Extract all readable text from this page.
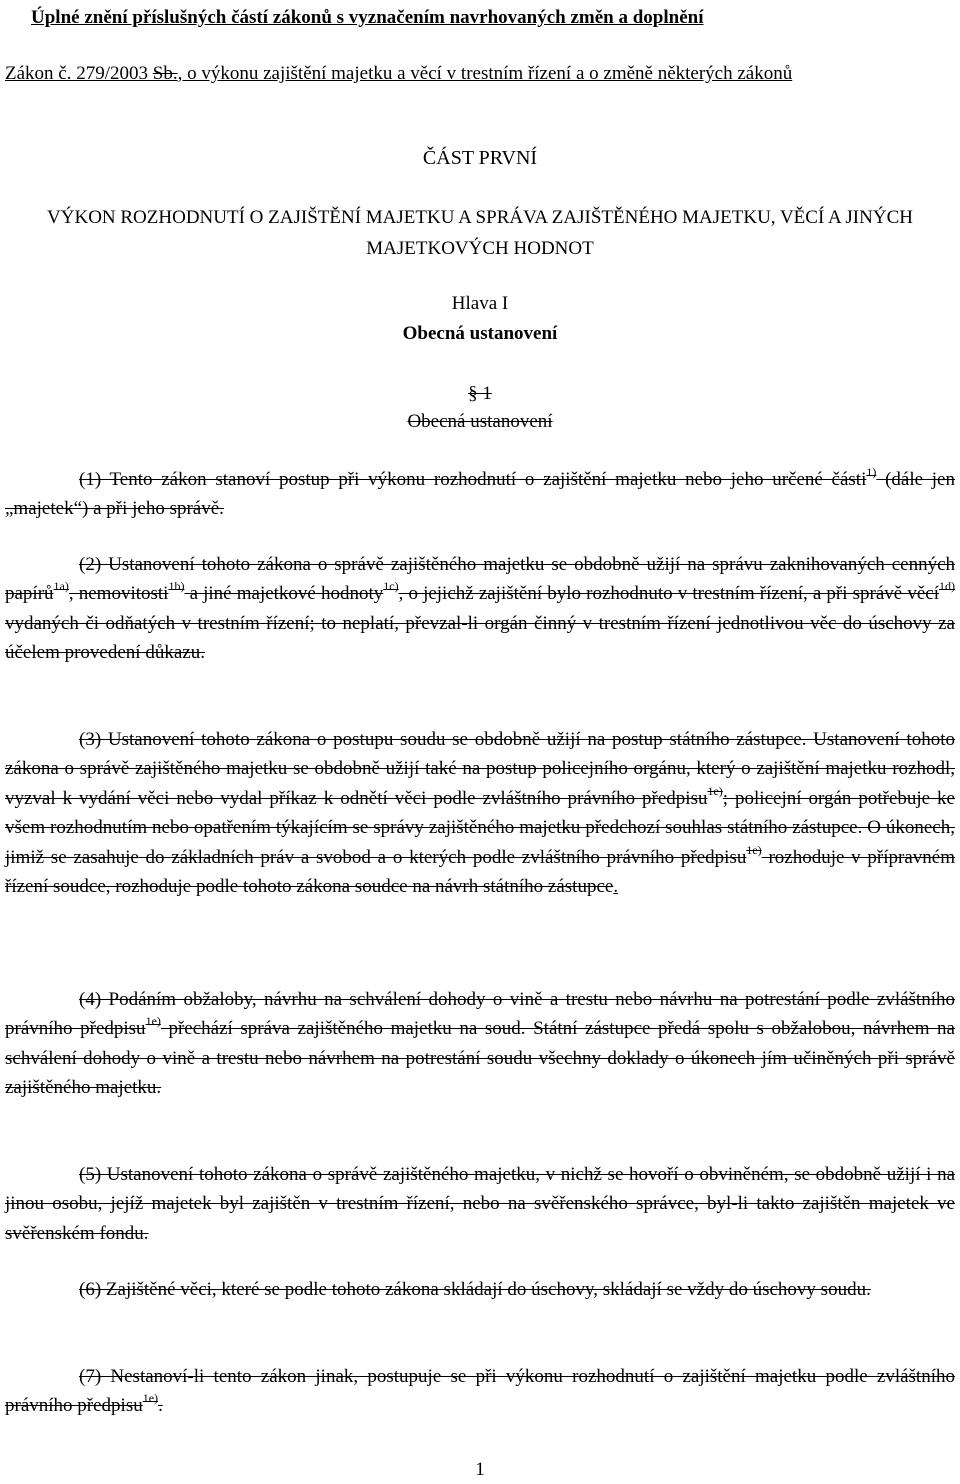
Úplné znění příslušných částí zákonů s vyznačením navrhovaných změn a doplnění
Zákon č. 279/2003 Sb., o výkonu zajištění majetku a věcí v trestním řízení a o změně některých zákonů
ČÁST PRVNÍ
VÝKON ROZHODNUTÍ O ZAJIŠTĚNÍ MAJETKU A SPRÁVA ZAJIŠTĚNÉHO MAJETKU, VĚCÍ A JINÝCH MAJETKOVÝCH HODNOT
Hlava I
Obecná ustanovení
§ 1
Obecná ustanovení
(1) Tento zákon stanoví postup při výkonu rozhodnutí o zajištění majetku nebo jeho určené části$^{1)}$ (dále jen „majetek“) a při jeho správě.
(2) Ustanovení tohoto zákona o správě zajištěného majetku se obdobně užijí na správu zaknihovaných cenných papírů$^{1a)}$, nemovitosti$^{1b)}$ a jiné majetkové hodnoty$^{1c)}$, o jejichž zajištění bylo rozhodnuto v trestním řízení, a při správě věcí$^{1d)}$ vydaných či odňatých v trestním řízení; to neplatí, převzal-li orgán činný v trestním řízení jednotlivou věc do úschovy za účelem provedení důkazu.
(3) Ustanovení tohoto zákona o postupu soudu se obdobně užijí na postup státního zástupce. Ustanovení tohoto zákona o správě zajištěného majetku se obdobně užijí také na postup policejního orgánu, který o zajištění majetku rozhodl, vyzval k vydání věci nebo vydal příkaz k odnětí věci podle zvláštního právního předpisu$^{1e)}$; policejní orgán potřebuje ke všem rozhodnutím nebo opatřením týkajícím se správy zajištěného majetku předchozí souhlas státního zástupce. O úkonech, jimiž se zasahuje do základních práv a svobod a o kterých podle zvláštního právního předpisu$^{1e)}$ rozhoduje v přípravném řízení soudce, rozhoduje podle tohoto zákona soudce na návrh státního zástupce.
(4) Podáním obžaloby, návrhu na schválení dohody o vině a trestu nebo návrhu na potrestání podle zvláštního právního předpisu$^{1e)}$ přechází správa zajištěného majetku na soud. Státní zástupce předá spolu s obžalobou, návrhem na schválení dohody o vině a trestu nebo návrhem na potrestání soudu všechny doklady o úkonech jím učiněných při správě zajištěného majetku.
(5) Ustanovení tohoto zákona o správě zajištěného majetku, v nichž se hovoří o obviněném, se obdobně užijí i na jinou osobu, jejíž majetek byl zajištěn v trestním řízení, nebo na svěřenského správce, byl-li takto zajištěn majetek ve svěřenském fondu.
(6) Zajištěné věci, které se podle tohoto zákona skládají do úschovy, skládají se vždy do úschovy soudu.
(7) Nestanoví-li tento zákon jinak, postupuje se při výkonu rozhodnutí o zajištění majetku podle zvláštního právního předpisu$^{1e)}$.
1
